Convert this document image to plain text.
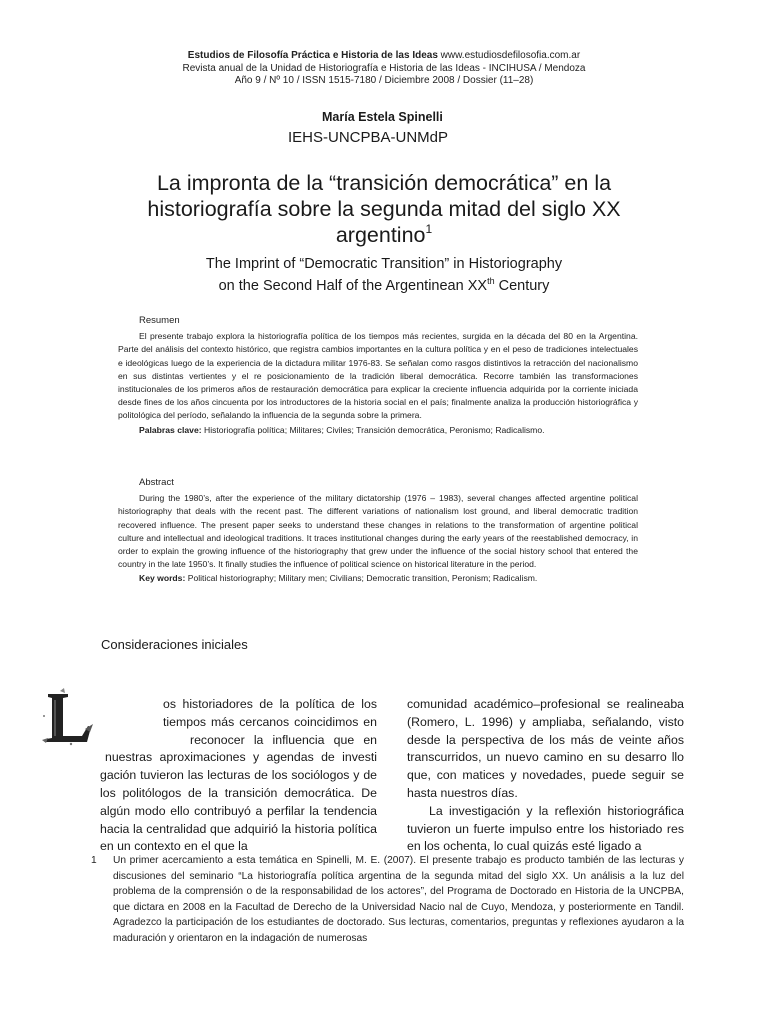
Estudios de Filosofía Práctica e Historia de las Ideas www.estudiosdefilosofia.com.ar
Revista anual de la Unidad de Historiografía e Historia de las Ideas - INCIHUSA / Mendoza
Año 9 / Nº 10 / ISSN 1515-7180 / Diciembre 2008 / Dossier (11–28)
María Estela Spinelli
IEHS-UNCPBA-UNMdP
La impronta de la “transición democrática” en la
historiografía sobre la segunda mitad del siglo XX
argentino$^1$
The Imprint of “Democratic Transition” in Historiography
on the Second Half of the Argentinean XXth Century
Resumen

El presente trabajo explora la historiografía política de los tiempos más recientes, surgida en la década del 80 en la Argentina. Parte del análisis del contexto histórico, que registra cambios importantes en la cultura política y en el peso de tradiciones intelectuales e ideológicas luego de la experiencia de la dictadura militar 1976-83. Se señalan como rasgos distintivos la retracción del nacionalismo en sus distintas vertientes y el re posicionamiento de la tradición liberal democrática. Recorre también las transformaciones institucionales de los primeros años de restauración democrática para explicar la creciente influencia adquirida por la corriente iniciada desde fines de los años cincuenta por los introductores de la historia social en el país; finalmente analiza la producción historiográfica y politológica del período, señalando la influencia de la segunda sobre la primera.

Palabras clave: Historiografía política; Militares; Civiles; Transición democrática, Peronismo; Radicalismo.
Abstract

During the 1980’s, after the experience of the military dictatorship (1976 – 1983), several changes affected argentine political historiography that deals with the recent past. The different variations of nationalism lost ground, and liberal democratic tradition recovered influence. The present paper seeks to understand these changes in relations to the transformation of argentine political culture and intellectual and ideological traditions. It traces institutional changes during the early years of the reestablished democracy, in order to explain the growing influence of the historiography that grew under the influence of the social history school that entered the country in the late 1950’s. It finally studies the influence of political science on historical literature in the period.

Key words: Political historiography; Military men; Civilians; Democratic transition, Peronism; Radicalism.
Consideraciones iniciales
os historiadores de la política de los
tiempos más cercanos coincidimos en
reconocer la influencia que en
nuestras aproximaciones y agendas de investi
gación tuvieron las lecturas de los sociólogos y de
los politólogos de la transición democrática. De
algún modo ello contribuyó a perfilar la tendencia
hacia la centralidad que adquirió la historia política
en un contexto en el que la
comunidad académico–profesional se realineaba
(Romero, L. 1996) y ampliaba, señalando, visto
desde la perspectiva de los más de veinte años
transcurridos, un nuevo camino en su desarro llo
que, con matices y novedades, puede seguir se
hasta nuestros días.
La investigación y la reflexión historiográfica
tuvieron un fuerte impulso entre los historiado res
en los ochenta, lo cual quizás esté ligado a
1	Un primer acercamiento a esta temática en Spinelli, M. E. (2007). El presente trabajo es producto también de las lecturas y discusiones del seminario “La historiografía política argentina de la segunda mitad del siglo XX. Un análisis a la luz del problema de la comprensión o de la responsabilidad de los actores”, del Programa de Doctorado en Historia de la UNCPBA, que dictara en 2008 en la Facultad de Derecho de la Universidad Nacio nal de Cuyo, Mendoza, y posteriormente en Tandil. Agradezco la participación de los estudiantes de doctorado. Sus lecturas, comentarios, preguntas y reflexiones ayudaron a la maduración y orientaron en la indagación de numerosas
